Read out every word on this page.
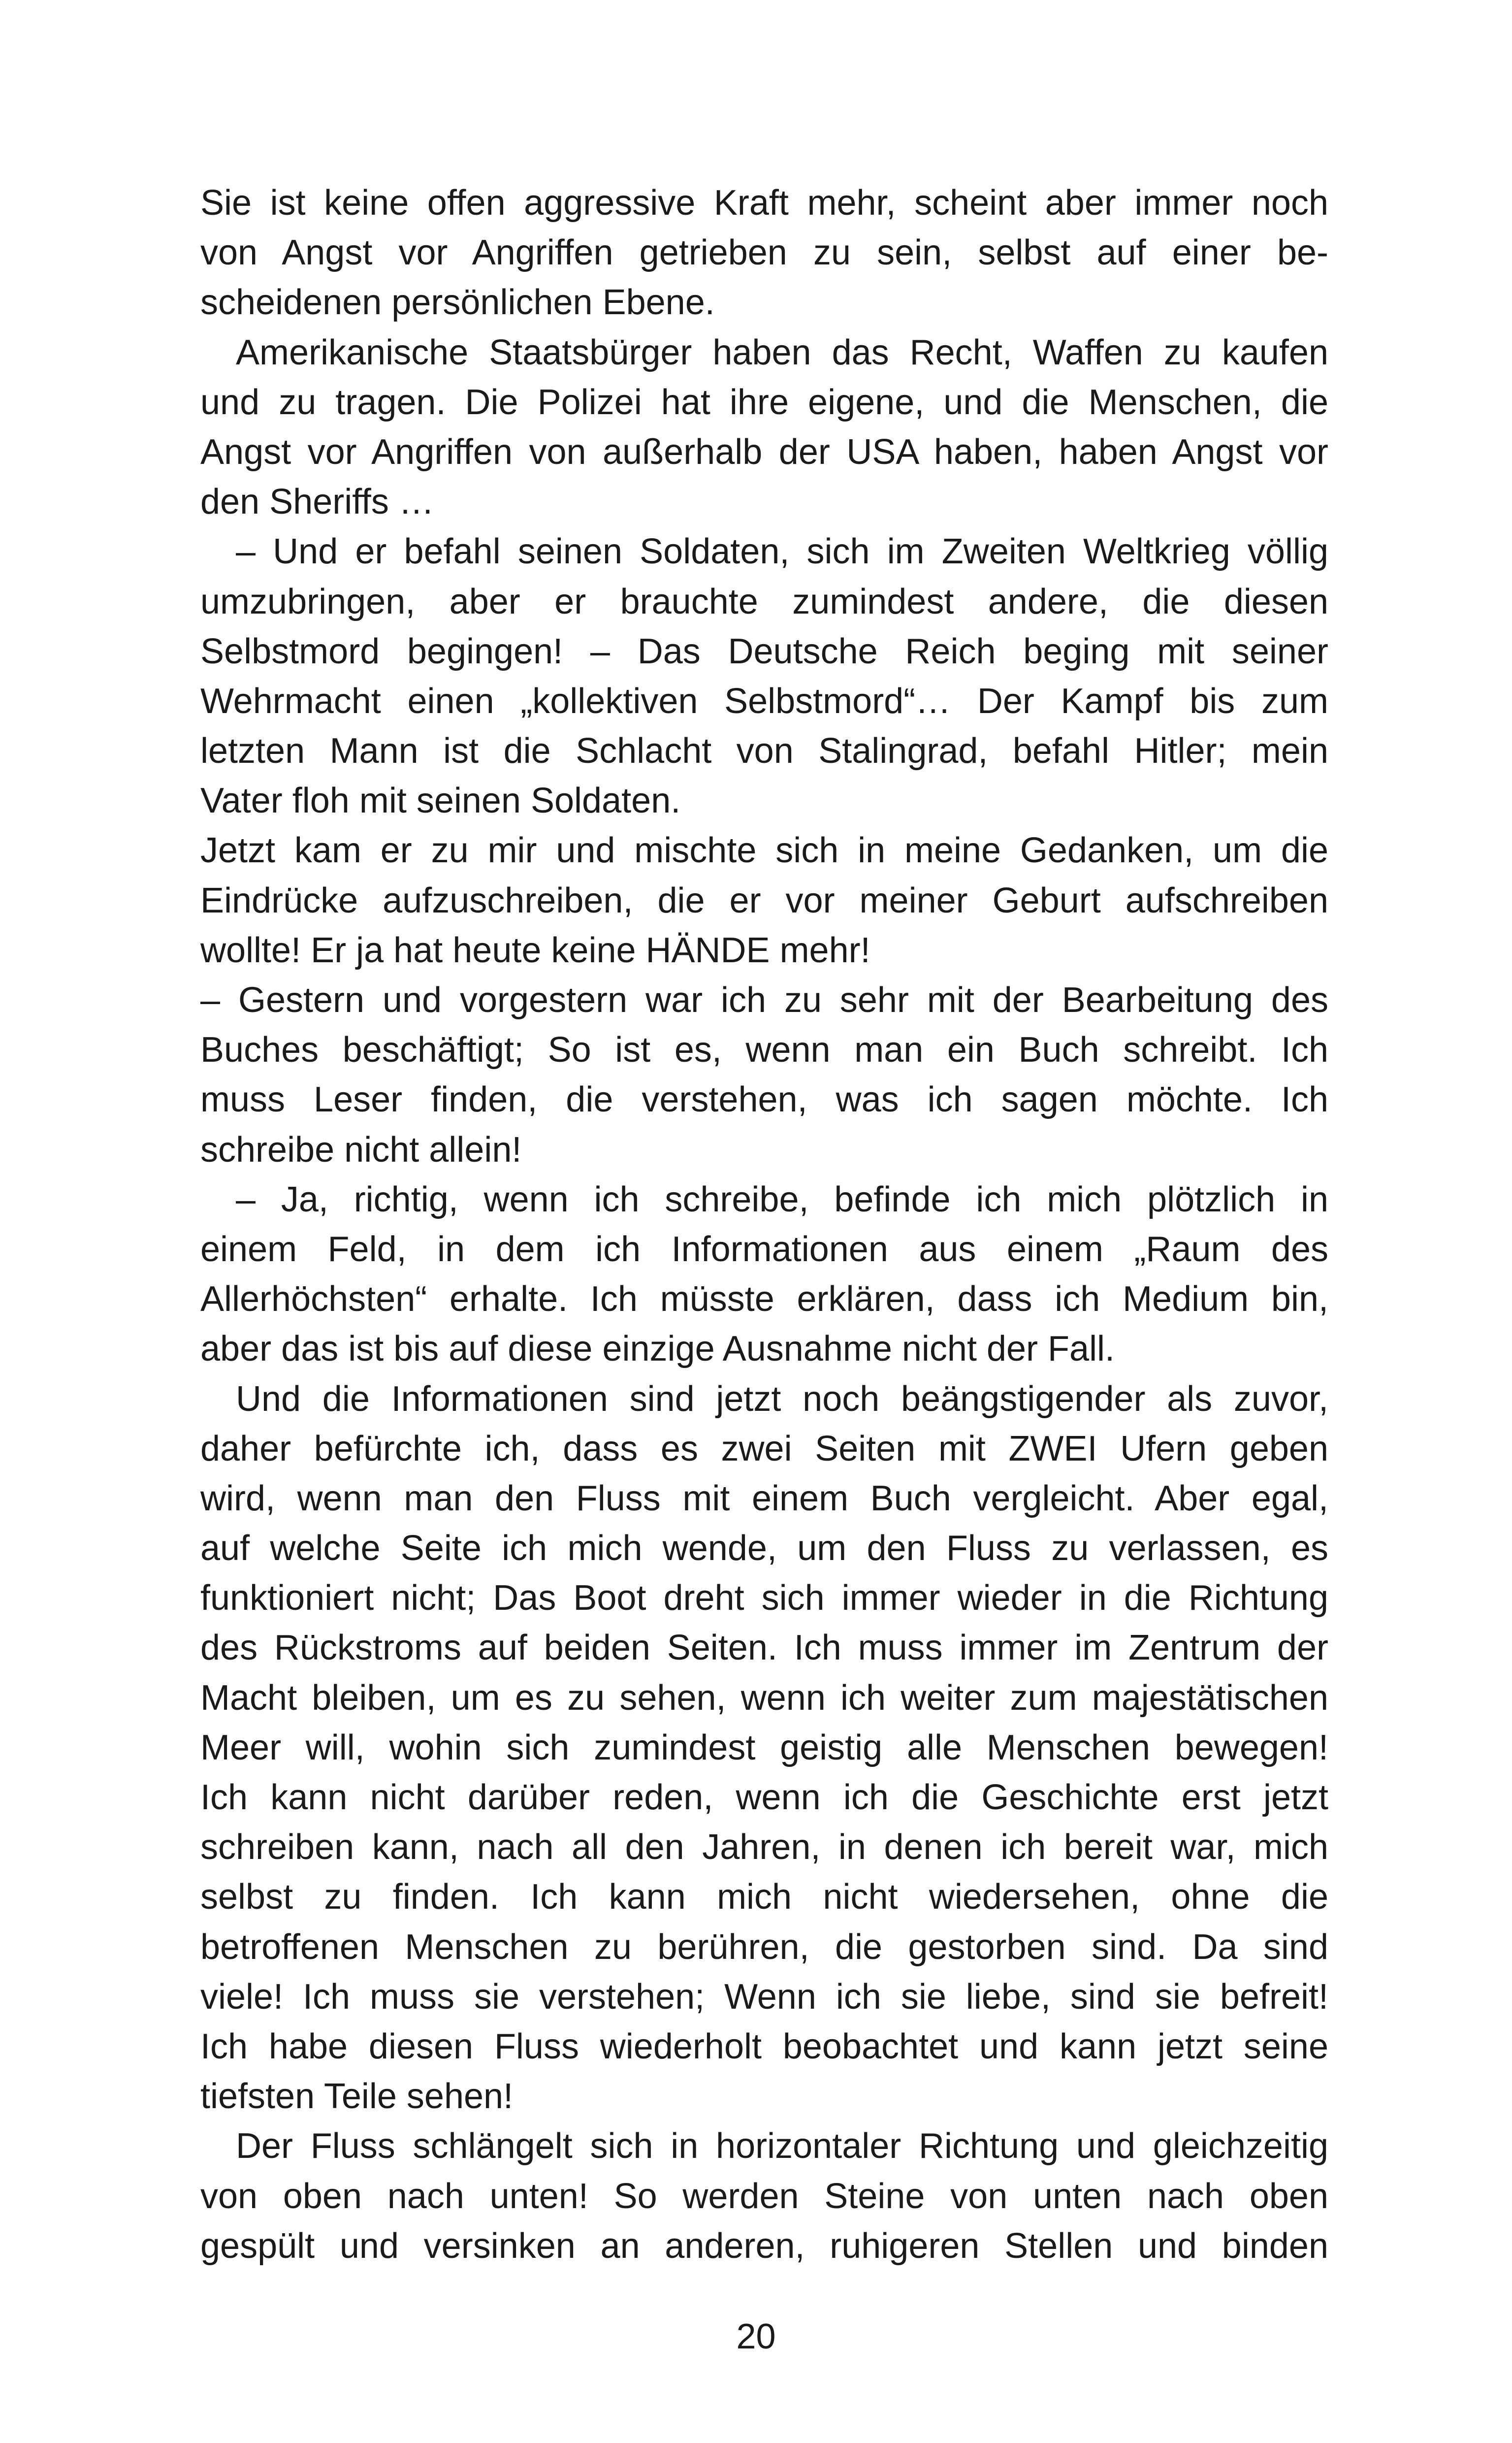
Sie ist keine offen aggressive Kraft mehr, scheint aber immer noch
von Angst vor Angriffen getrieben zu sein, selbst auf einer be-
scheidenen persönlichen Ebene.
Amerikanische Staatsbürger haben das Recht, Waffen zu kaufen
und zu tragen. Die Polizei hat ihre eigene, und die Menschen, die
Angst vor Angriffen von außerhalb der USA haben, haben Angst vor
den Sheriffs …
– Und er befahl seinen Soldaten, sich im Zweiten Weltkrieg völlig
umzubringen, aber er brauchte zumindest andere, die diesen
Selbstmord begingen! – Das Deutsche Reich beging mit seiner
Wehrmacht einen „kollektiven Selbstmord“… Der Kampf bis zum
letzten Mann ist die Schlacht von Stalingrad, befahl Hitler; mein
Vater floh mit seinen Soldaten.
Jetzt kam er zu mir und mischte sich in meine Gedanken, um die
Eindrücke aufzuschreiben, die er vor meiner Geburt aufschreiben
wollte! Er ja hat heute keine HÄNDE mehr!
– Gestern und vorgestern war ich zu sehr mit der Bearbeitung des
Buches beschäftigt; So ist es, wenn man ein Buch schreibt. Ich
muss Leser finden, die verstehen, was ich sagen möchte. Ich
schreibe nicht allein!
– Ja, richtig, wenn ich schreibe, befinde ich mich plötzlich in
einem Feld, in dem ich Informationen aus einem „Raum des
Allerhöchsten“ erhalte. Ich müsste erklären, dass ich Medium bin,
aber das ist bis auf diese einzige Ausnahme nicht der Fall.
Und die Informationen sind jetzt noch beängstigender als zuvor,
daher befürchte ich, dass es zwei Seiten mit ZWEI Ufern geben
wird, wenn man den Fluss mit einem Buch vergleicht. Aber egal,
auf welche Seite ich mich wende, um den Fluss zu verlassen, es
funktioniert nicht; Das Boot dreht sich immer wieder in die Richtung
des Rückstroms auf beiden Seiten. Ich muss immer im Zentrum der
Macht bleiben, um es zu sehen, wenn ich weiter zum majestätischen
Meer will, wohin sich zumindest geistig alle Menschen bewegen!
Ich kann nicht darüber reden, wenn ich die Geschichte erst jetzt
schreiben kann, nach all den Jahren, in denen ich bereit war, mich
selbst zu finden. Ich kann mich nicht wiedersehen, ohne die
betroffenen Menschen zu berühren, die gestorben sind. Da sind
viele! Ich muss sie verstehen; Wenn ich sie liebe, sind sie befreit!
Ich habe diesen Fluss wiederholt beobachtet und kann jetzt seine
tiefsten Teile sehen!
Der Fluss schlängelt sich in horizontaler Richtung und gleichzeitig
von oben nach unten! So werden Steine von unten nach oben
gespült und versinken an anderen, ruhigeren Stellen und binden
20
